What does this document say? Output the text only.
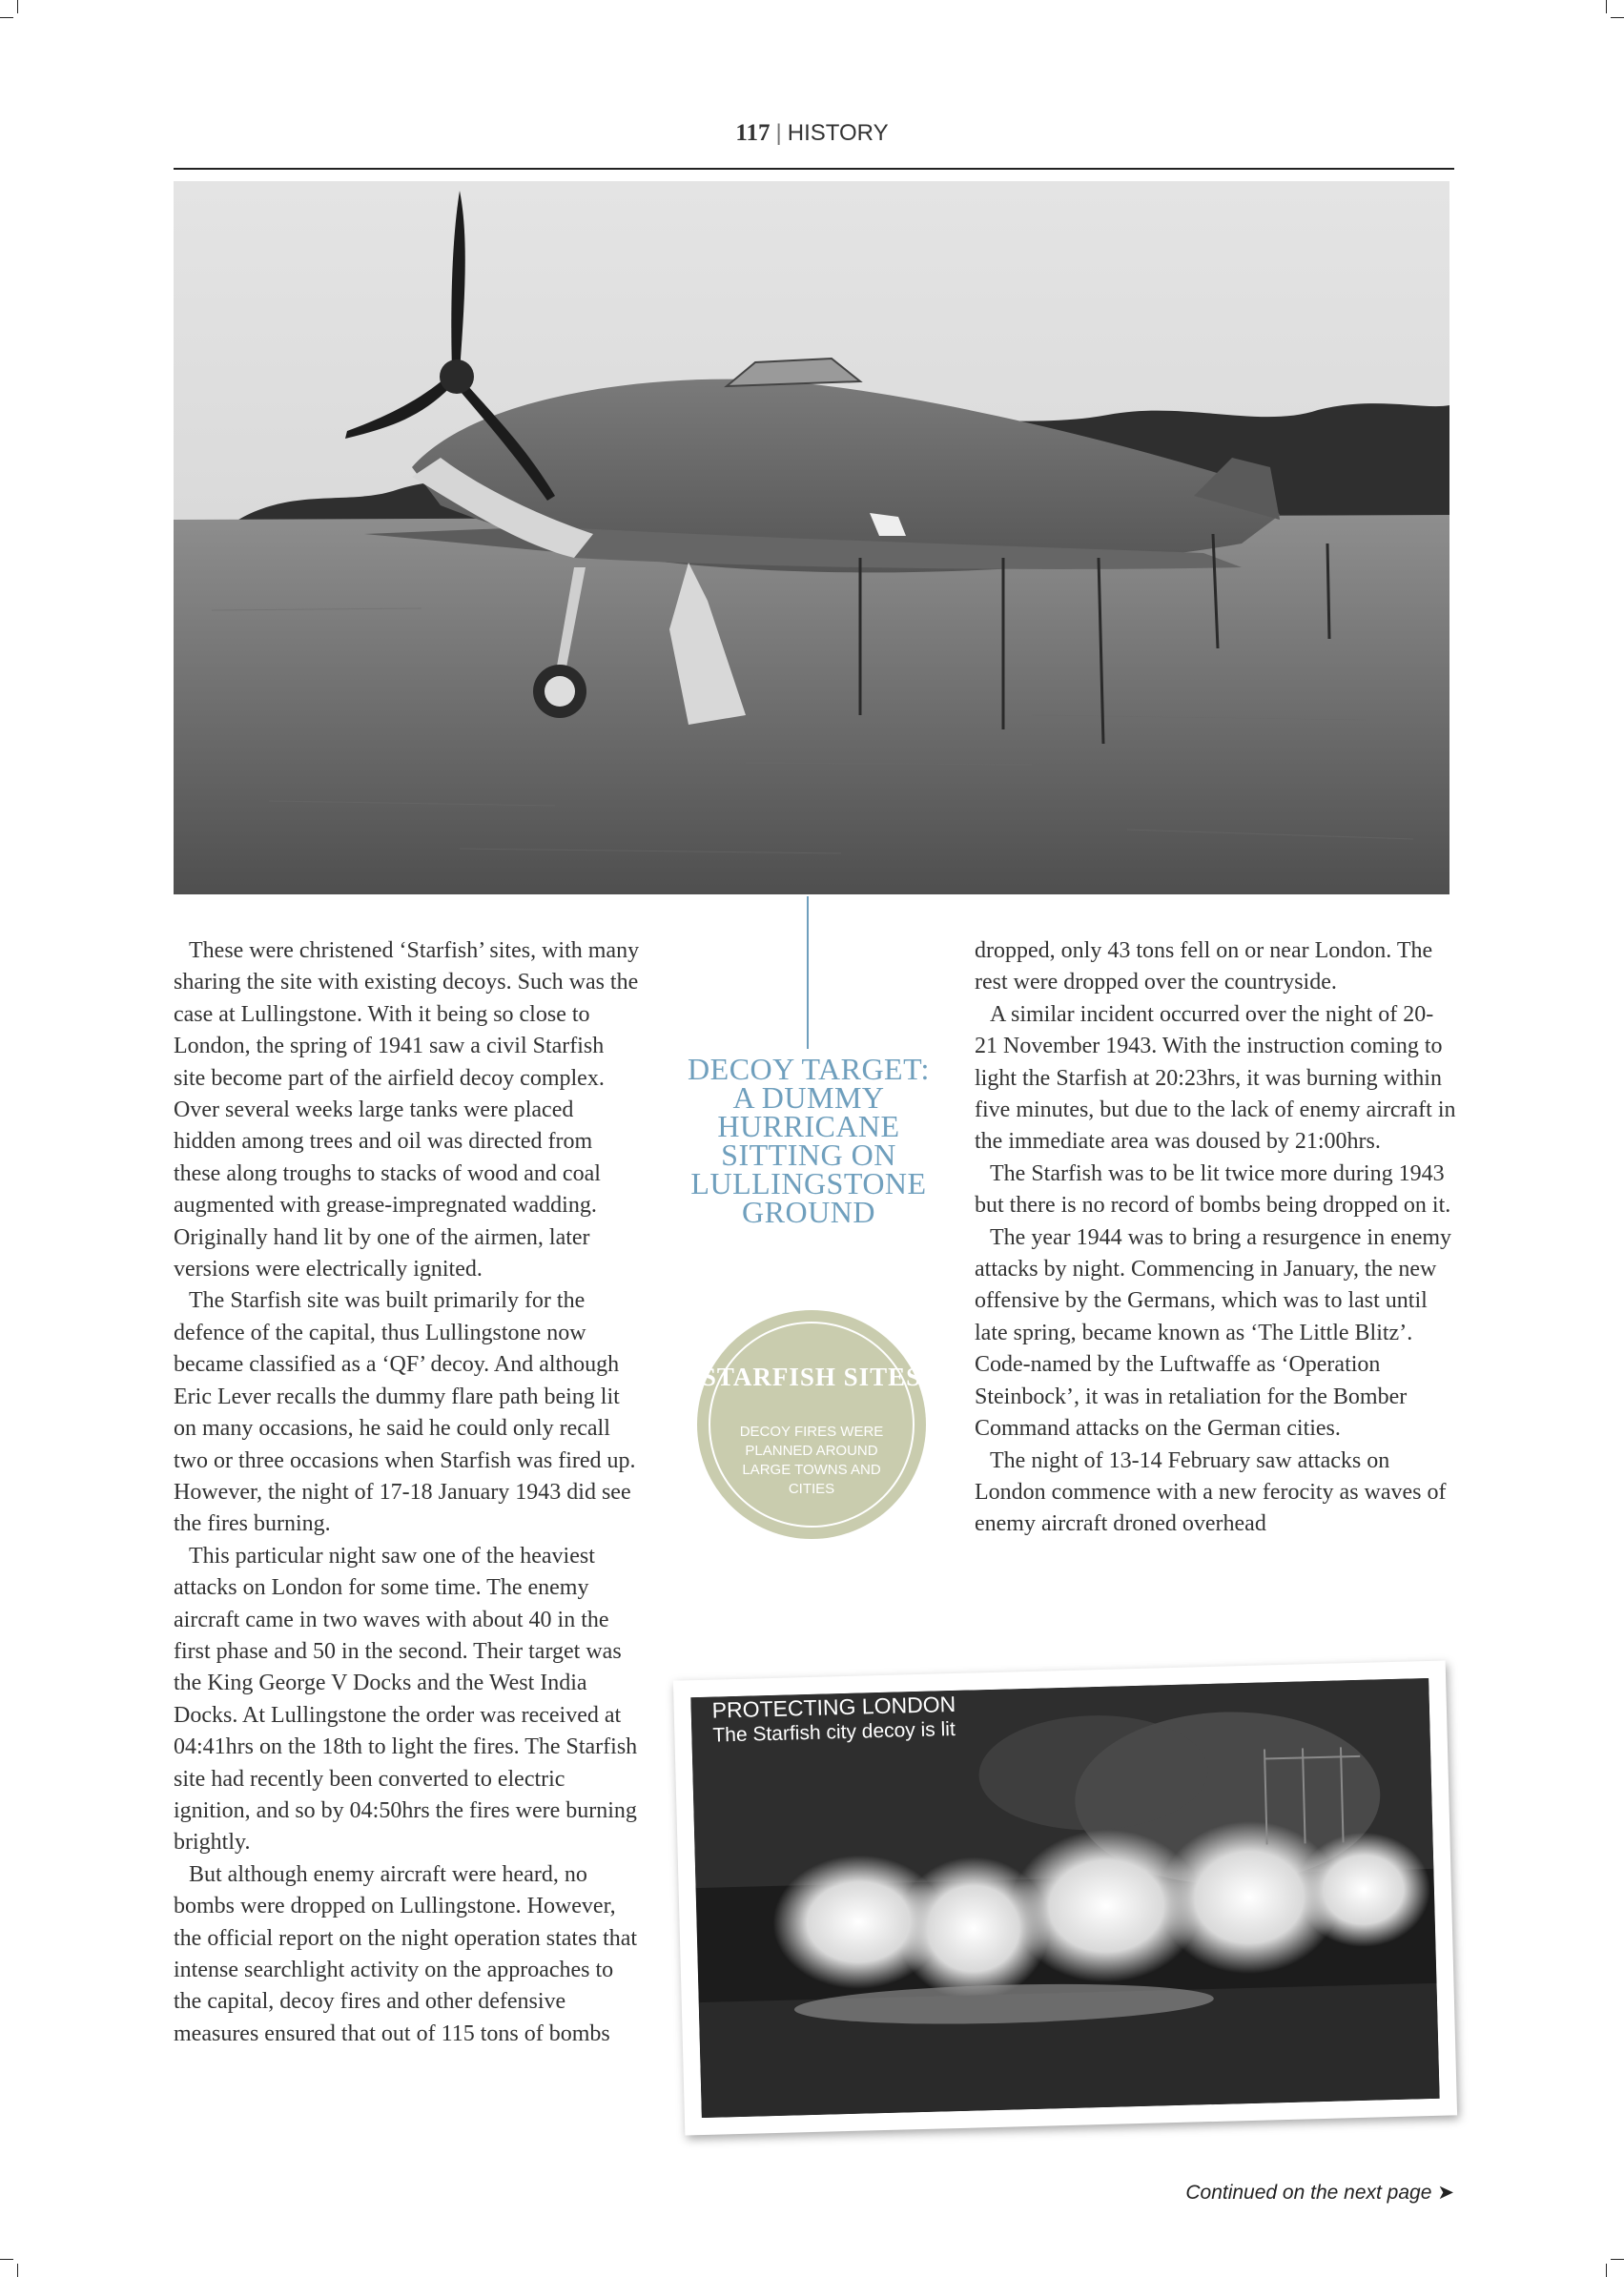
117 | HISTORY

These were christened ‘Starfish’ sites, with many sharing the site with existing decoys. Such was the case at Lullingstone. With it being so close to London, the spring of 1941 saw a civil Starfish site become part of the airfield decoy complex. Over several weeks large tanks were placed hidden among trees and oil was directed from these along troughs to stacks of wood and coal augmented with grease-impregnated wadding. Originally hand lit by one of the airmen, later versions were electrically ignited.

The Starfish site was built primarily for the defence of the capital, thus Lullingstone now became classified as a ‘QF’ decoy. And although Eric Lever recalls the dummy flare path being lit on many occasions, he said he could only recall two or three occasions when Starfish was fired up. However, the night of 17-18 January 1943 did see the fires burning.

This particular night saw one of the heaviest attacks on London for some time. The enemy aircraft came in two waves with about 40 in the first phase and 50 in the second. Their target was the King George V Docks and the West India Docks. At Lullingstone the order was received at 04:41hrs on the 18th to light the fires. The Starfish site had recently been converted to electric ignition, and so by 04:50hrs the fires were burning brightly.

But although enemy aircraft were heard, no bombs were dropped on Lullingstone. However, the official report on the night operation states that intense searchlight activity on the approaches to the capital, decoy fires and other defensive measures ensured that out of 115 tons of bombs

DECOY TARGET: A DUMMY HURRICANE SITTING ON LULLINGSTONE GROUND
STARFISH SITES
DECOY FIRES WERE PLANNED AROUND LARGE TOWNS AND CITIES

dropped, only 43 tons fell on or near London. The rest were dropped over the countryside.

A similar incident occurred over the night of 20-21 November 1943. With the instruction coming to light the Starfish at 20:23hrs, it was burning within five minutes, but due to the lack of enemy aircraft in the immediate area was doused by 21:00hrs.

The Starfish was to be lit twice more during 1943 but there is no record of bombs being dropped on it.

The year 1944 was to bring a resurgence in enemy attacks by night. Commencing in January, the new offensive by the Germans, which was to last until late spring, became known as ‘The Little Blitz’. Code-named by the Luftwaffe as ‘Operation Steinbock’, it was in retaliation for the Bomber Command attacks on the German cities.

The night of 13-14 February saw attacks on London commence with a new ferocity as waves of enemy aircraft droned overhead

PROTECTING LONDON
The Starfish city decoy is lit
Continued on the next page ➤
